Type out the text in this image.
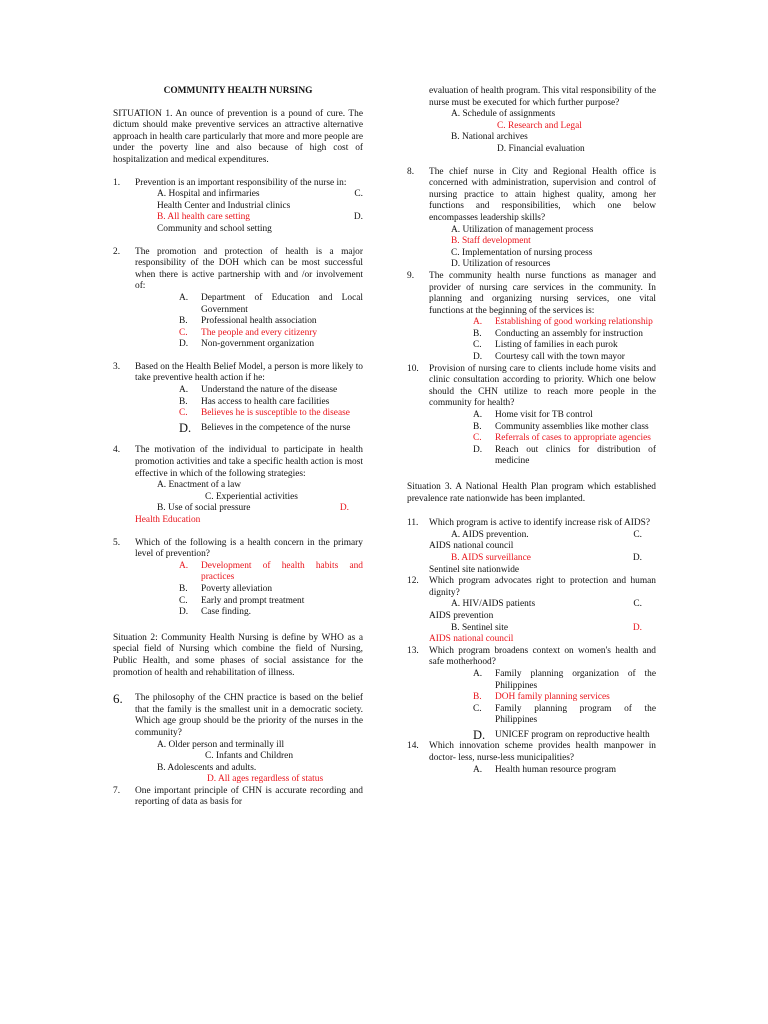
COMMUNITY HEALTH NURSING

SITUATION 1. An ounce of prevention is a pound of cure. The dictum should make preventive services an attractive alternative approach in health care particularly that more and more people are under the poverty line and also because of high cost of hospitalization and medical expenditures.

1. Prevention is an important responsibility of the nurse in:

A. Hospital and infirmaries	C.
Health Center and Industrial clinics
B. All health care setting	D.
Community and school setting
2. The promotion and protection of health is a major responsibility of the DOH which can be most successful when there is active partnership with and /or involvement of:

A. Department of Education and Local Government
B. Professional health association
C. The people and every citizenry
D. Non-government organization
3. Based on the Health Belief Model, a person is more likely to take preventive health action if he:

A. Understand the nature of the disease
B. Has access to health care facilities
C. Believes he is susceptible to the disease
D. Believes in the competence of the nurse
4. The motivation of the individual to participate in health promotion activities and take a specific health action is most effective in which of the following strategies:

A. Enactment of a law
C. Experiential activities
B. Use of social pressure	D.
Health Education
5. Which of the following is a health concern in the primary level of prevention?

A. Development of health habits and practices
B. Poverty alleviation
C. Early and prompt treatment
D. Case finding.

Situation 2: Community Health Nursing is define by WHO as a special field of Nursing which combine the field of Nursing, Public Health, and some phases of social assistance for the promotion of health and rehabilitation of illness.

6. The philosophy of the CHN practice is based on the belief that the family is the smallest unit in a democratic society. Which age group should be the priority of the nurses in the community?

A. Older person and terminally ill
C. Infants and Children
B. Adolescents and adults.
D. All ages regardless of status
7. One important principle of CHN is accurate recording and reporting of data as basis for

evaluation of health program. This vital responsibility of the nurse must be executed for which further purpose?

A. Schedule of assignments
C. Research and Legal
B. National archives
D. Financial evaluation
8. The chief nurse in City and Regional Health office is concerned with administration, supervision and control of nursing practice to attain highest quality, among her functions and responsibilities, which one below encompasses leadership skills?

A. Utilization of management process
B. Staff development
C. Implementation of nursing process
D. Utilization of resources
9. The community health nurse functions as manager and provider of nursing care services in the community. In planning and organizing nursing services, one vital functions at the beginning of the services is:

A. Establishing of good working relationship
B. Conducting an assembly for instruction
C. Listing of families in each purok
D. Courtesy call with the town mayor
10. Provision of nursing care to clients include home visits and clinic consultation according to priority. Which one below should the CHN utilize to reach more people in the community for health?

A. Home visit for TB control
B. Community assemblies like mother class
C. Referrals of cases to appropriate agencies
D. Reach out clinics for distribution of medicine

Situation 3. A National Health Plan program which established prevalence rate nationwide has been implanted.

11. Which program is active to identify increase risk of AIDS?

A. AIDS prevention.	C.
AIDS national council
B. AIDS surveillance	D.
Sentinel site nationwide
12. Which program advocates right to protection and human dignity?

A. HIV/AIDS patients	C.
AIDS prevention
B. Sentinel site	D.
AIDS national council
13. Which program broadens context on women's health and safe motherhood?

A. Family planning organization of the Philippines
B. DOH family planning services
C. Family planning program of the Philippines
D. UNICEF program on reproductive health
14. Which innovation scheme provides health manpower in doctor- less, nurse-less municipalities?

A. Health human resource program
